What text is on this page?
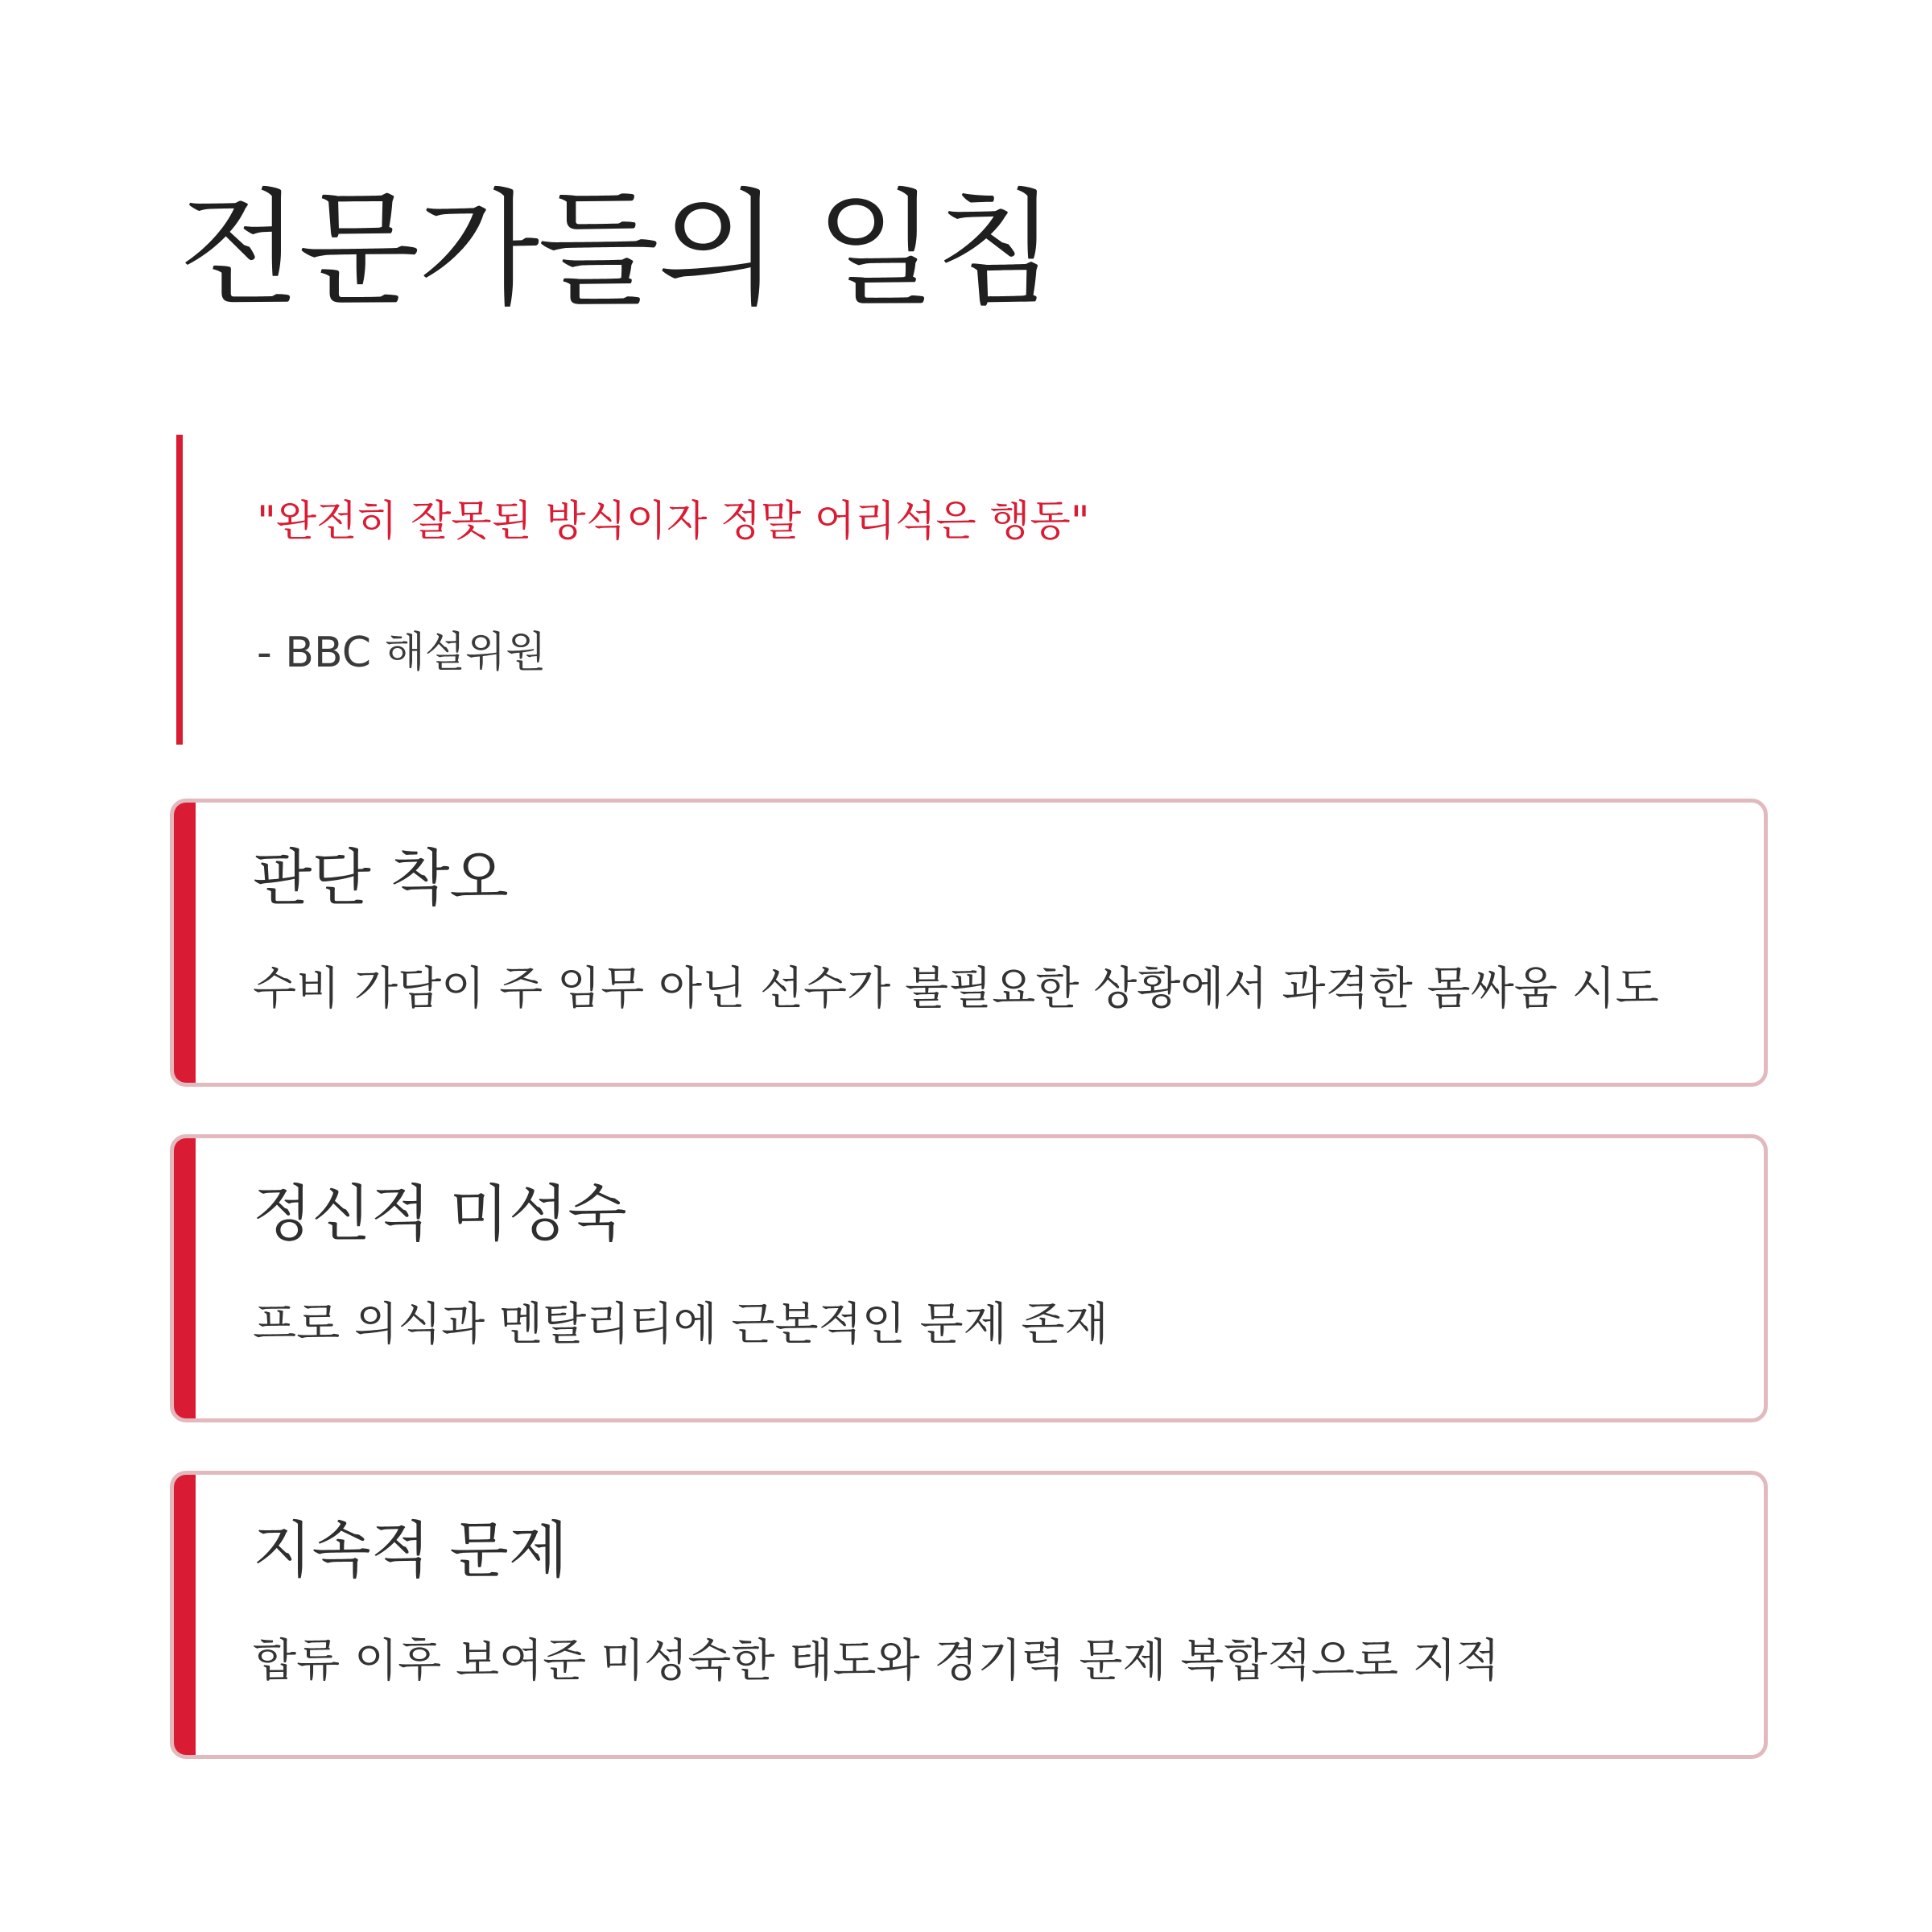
전문가들의 일침
"완전히 잘못된 방식이자 정말 어리석은 행동"
- BBC 해설위원
판단 착오
수비 가담이 주 임무 아닌 선수가 불필요한 상황에서 과격한 몸싸움 시도
정신적 미성숙
프로 의식과 멘탈리티에 근본적인 문제 존재
지속적 문제
합류 이후 보여준 미성숙한 태도와 경기력 문제 복합적으로 지적
